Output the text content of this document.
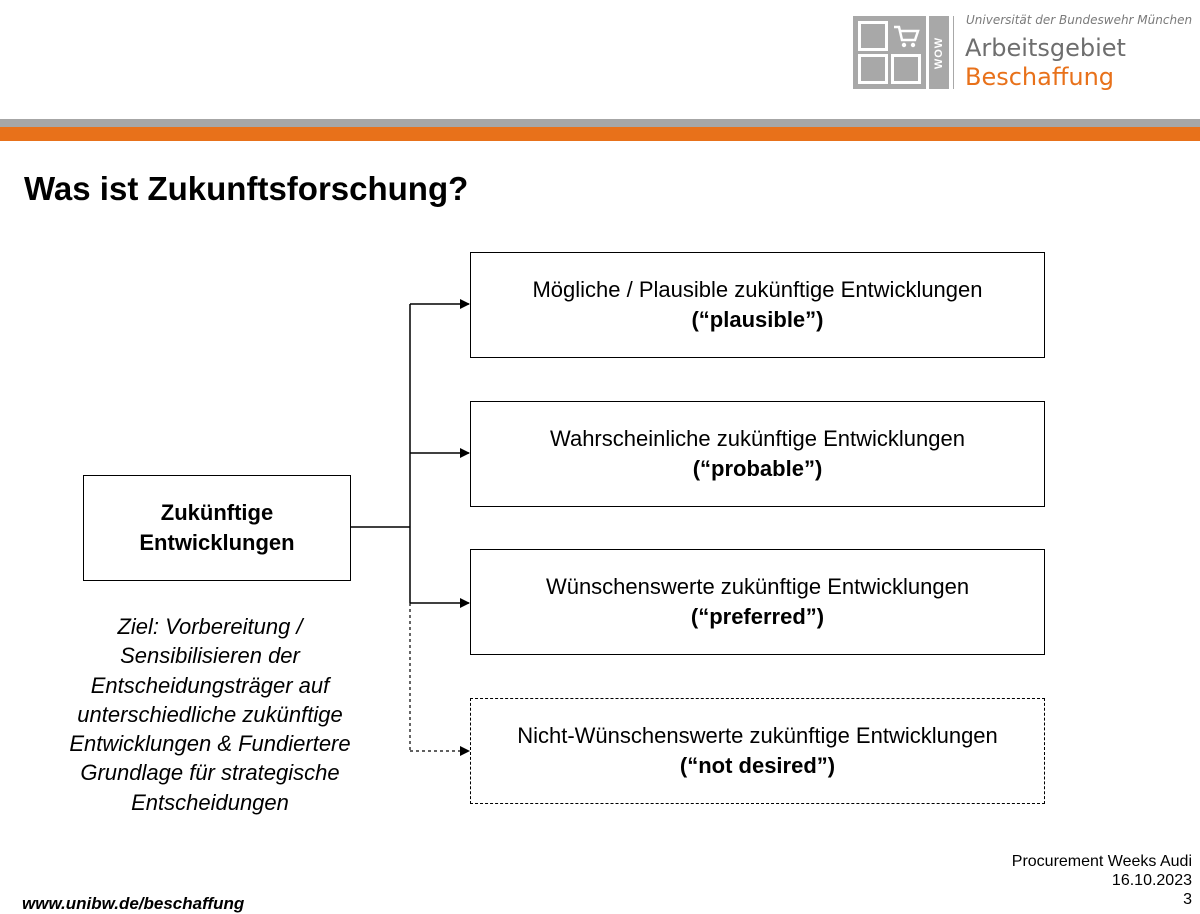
WOW
Universität der Bundeswehr München
Arbeitsgebiet
Beschaffung
Was ist Zukunftsforschung?
Zukünftige
Entwicklungen
Mögliche / Plausible zukünftige Entwicklungen
(“plausible”)
Wahrscheinliche zukünftige Entwicklungen
(“probable”)
Wünschenswerte zukünftige Entwicklungen
(“preferred”)
Nicht-Wünschenswerte zukünftige Entwicklungen
(“not desired”)
Ziel: Vorbereitung /
Sensibilisieren der
Entscheidungsträger auf
unterschiedliche zukünftige
Entwicklungen & Fundiertere
Grundlage für strategische
Entscheidungen
www.unibw.de/beschaffung
Procurement Weeks Audi
16.10.2023
3
